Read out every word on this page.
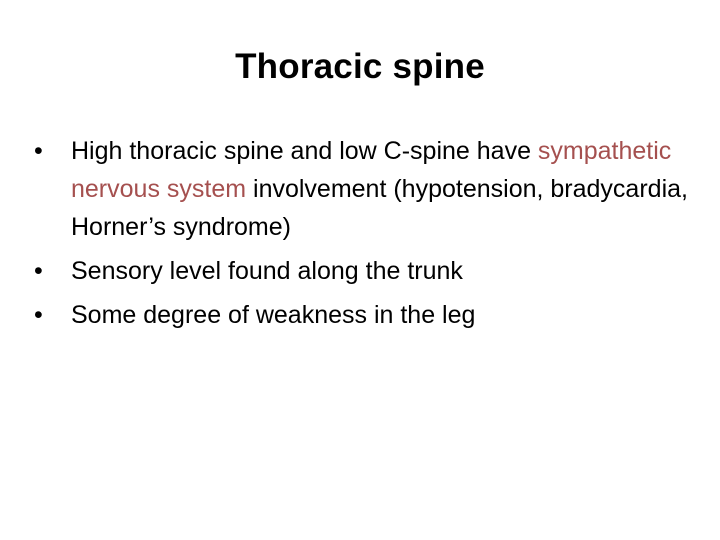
Thoracic spine
•	High thoracic spine and low C-spine have sympathetic nervous system involvement (hypotension, bradycardia, Horner’s syndrome)
•	Sensory level found along the trunk
•	Some degree of weakness in the leg
